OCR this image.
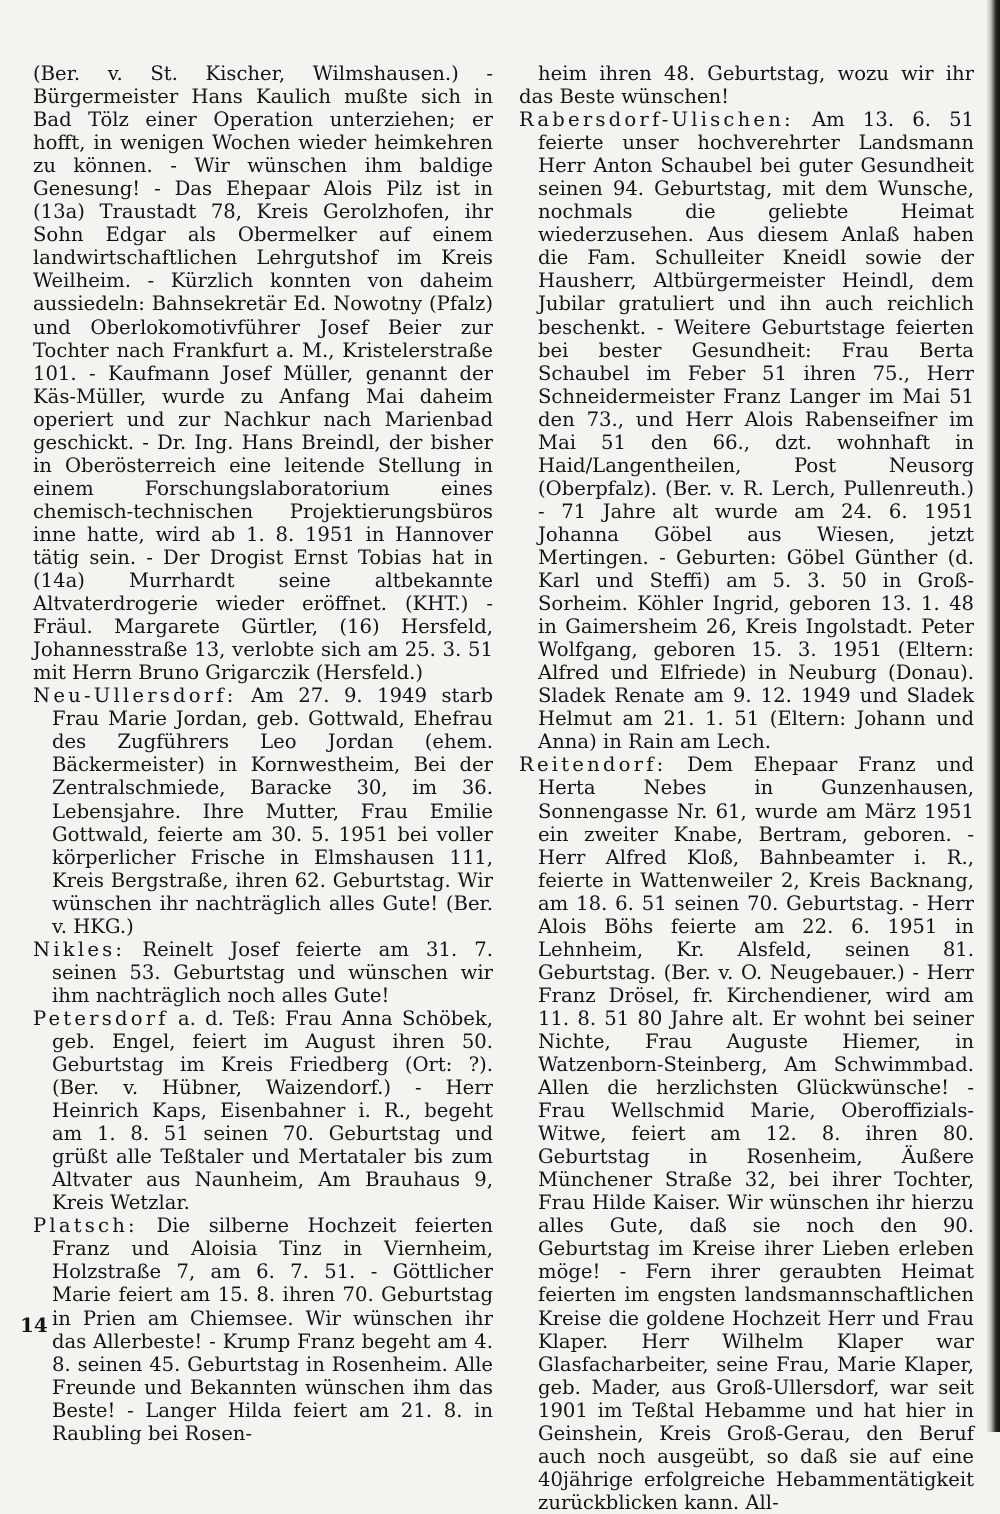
(Ber. v. St. Kischer, Wilmshausen.) - Bürgermeister Hans Kaulich mußte sich in Bad Tölz einer Operation unterziehen; er hofft, in wenigen Wochen wieder heimkehren zu können. - Wir wünschen ihm baldige Genesung! - Das Ehepaar Alois Pilz ist in (13a) Traustadt 78, Kreis Gerolzhofen, ihr Sohn Edgar als Obermelker auf einem landwirtschaftlichen Lehrgutshof im Kreis Weilheim. - Kürzlich konnten von daheim aussiedeln: Bahnsekretär Ed. Nowotny (Pfalz) und Oberlokomotivführer Josef Beier zur Tochter nach Frankfurt a. M., Kristelerstraße 101. - Kaufmann Josef Müller, genannt der Käs-Müller, wurde zu Anfang Mai daheim operiert und zur Nachkur nach Marienbad geschickt. - Dr. Ing. Hans Breindl, der bisher in Oberösterreich eine leitende Stellung in einem Forschungslaboratorium eines chemisch-technischen Projektierungsbüros inne hatte, wird ab 1. 8. 1951 in Hannover tätig sein. - Der Drogist Ernst Tobias hat in (14a) Murrhardt seine altbekannte Altvaterdrogerie wieder eröffnet. (KHT.) - Fräul. Margarete Gürtler, (16) Hersfeld, Johannesstraße 13, verlobte sich am 25. 3. 51 mit Herrn Bruno Grigarczik (Hersfeld.)

Neu-Ullersdorf: Am 27. 9. 1949 starb Frau Marie Jordan, geb. Gottwald, Ehefrau des Zugführers Leo Jordan (ehem. Bäckermeister) in Kornwestheim, Bei der Zentralschmiede, Baracke 30, im 36. Lebensjahre. Ihre Mutter, Frau Emilie Gottwald, feierte am 30. 5. 1951 bei voller körperlicher Frische in Elmshausen 111, Kreis Bergstraße, ihren 62. Geburtstag. Wir wünschen ihr nachträglich alles Gute! (Ber. v. HKG.)

Nikles: Reinelt Josef feierte am 31. 7. seinen 53. Geburtstag und wünschen wir ihm nachträglich noch alles Gute!

Petersdorf a. d. Teß: Frau Anna Schöbek, geb. Engel, feiert im August ihren 50. Geburtstag im Kreis Friedberg (Ort: ?). (Ber. v. Hübner, Waizendorf.) - Herr Heinrich Kaps, Eisenbahner i. R., begeht am 1. 8. 51 seinen 70. Geburtstag und grüßt alle Teßtaler und Mertataler bis zum Altvater aus Naunheim, Am Brauhaus 9, Kreis Wetzlar.

Platsch: Die silberne Hochzeit feierten Franz und Aloisia Tinz in Viernheim, Holzstraße 7, am 6. 7. 51. - Göttlicher Marie feiert am 15. 8. ihren 70. Geburtstag in Prien am Chiemsee. Wir wünschen ihr das Allerbeste! - Krump Franz begeht am 4. 8. seinen 45. Geburtstag in Rosenheim. Alle Freunde und Bekannten wünschen ihm das Beste! - Langer Hilda feiert am 21. 8. in Raubling bei Rosen-

heim ihren 48. Geburtstag, wozu wir ihr das Beste wünschen!

Rabersdorf-Ulischen: Am 13. 6. 51 feierte unser hochverehrter Landsmann Herr Anton Schaubel bei guter Gesundheit seinen 94. Geburtstag, mit dem Wunsche, nochmals die geliebte Heimat wiederzusehen. Aus diesem Anlaß haben die Fam. Schulleiter Kneidl sowie der Hausherr, Altbürgermeister Heindl, dem Jubilar gratuliert und ihn auch reichlich beschenkt. - Weitere Geburtstage feierten bei bester Gesundheit: Frau Berta Schaubel im Feber 51 ihren 75., Herr Schneidermeister Franz Langer im Mai 51 den 73., und Herr Alois Rabenseifner im Mai 51 den 66., dzt. wohnhaft in Haid/Langentheilen, Post Neusorg (Oberpfalz). (Ber. v. R. Lerch, Pullenreuth.) - 71 Jahre alt wurde am 24. 6. 1951 Johanna Göbel aus Wiesen, jetzt Mertingen. - Geburten: Göbel Günther (d. Karl und Steffi) am 5. 3. 50 in Groß-Sorheim. Köhler Ingrid, geboren 13. 1. 48 in Gaimersheim 26, Kreis Ingolstadt. Peter Wolfgang, geboren 15. 3. 1951 (Eltern: Alfred und Elfriede) in Neuburg (Donau). Sladek Renate am 9. 12. 1949 und Sladek Helmut am 21. 1. 51 (Eltern: Johann und Anna) in Rain am Lech.

Reitendorf: Dem Ehepaar Franz und Herta Nebes in Gunzenhausen, Sonnengasse Nr. 61, wurde am März 1951 ein zweiter Knabe, Bertram, geboren. - Herr Alfred Kloß, Bahnbeamter i. R., feierte in Wattenweiler 2, Kreis Backnang, am 18. 6. 51 seinen 70. Geburtstag. - Herr Alois Böhs feierte am 22. 6. 1951 in Lehnheim, Kr. Alsfeld, seinen 81. Geburtstag. (Ber. v. O. Neugebauer.) - Herr Franz Drösel, fr. Kirchendiener, wird am 11. 8. 51 80 Jahre alt. Er wohnt bei seiner Nichte, Frau Auguste Hiemer, in Watzenborn-Steinberg, Am Schwimmbad. Allen die herzlichsten Glückwünsche! - Frau Wellschmid Marie, Oberoffizials-Witwe, feiert am 12. 8. ihren 80. Geburtstag in Rosenheim, Äußere Münchener Straße 32, bei ihrer Tochter, Frau Hilde Kaiser. Wir wünschen ihr hierzu alles Gute, daß sie noch den 90. Geburtstag im Kreise ihrer Lieben erleben möge! - Fern ihrer geraubten Heimat feierten im engsten landsmannschaftlichen Kreise die goldene Hochzeit Herr und Frau Klaper. Herr Wilhelm Klaper war Glasfacharbeiter, seine Frau, Marie Klaper, geb. Mader, aus Groß-Ullersdorf, war seit 1901 im Teßtal Hebamme und hat hier in Geinshein, Kreis Groß-Gerau, den Beruf auch noch ausgeübt, so daß sie auf eine 40jährige erfolgreiche Hebammentätigkeit zurückblicken kann. All-

14
